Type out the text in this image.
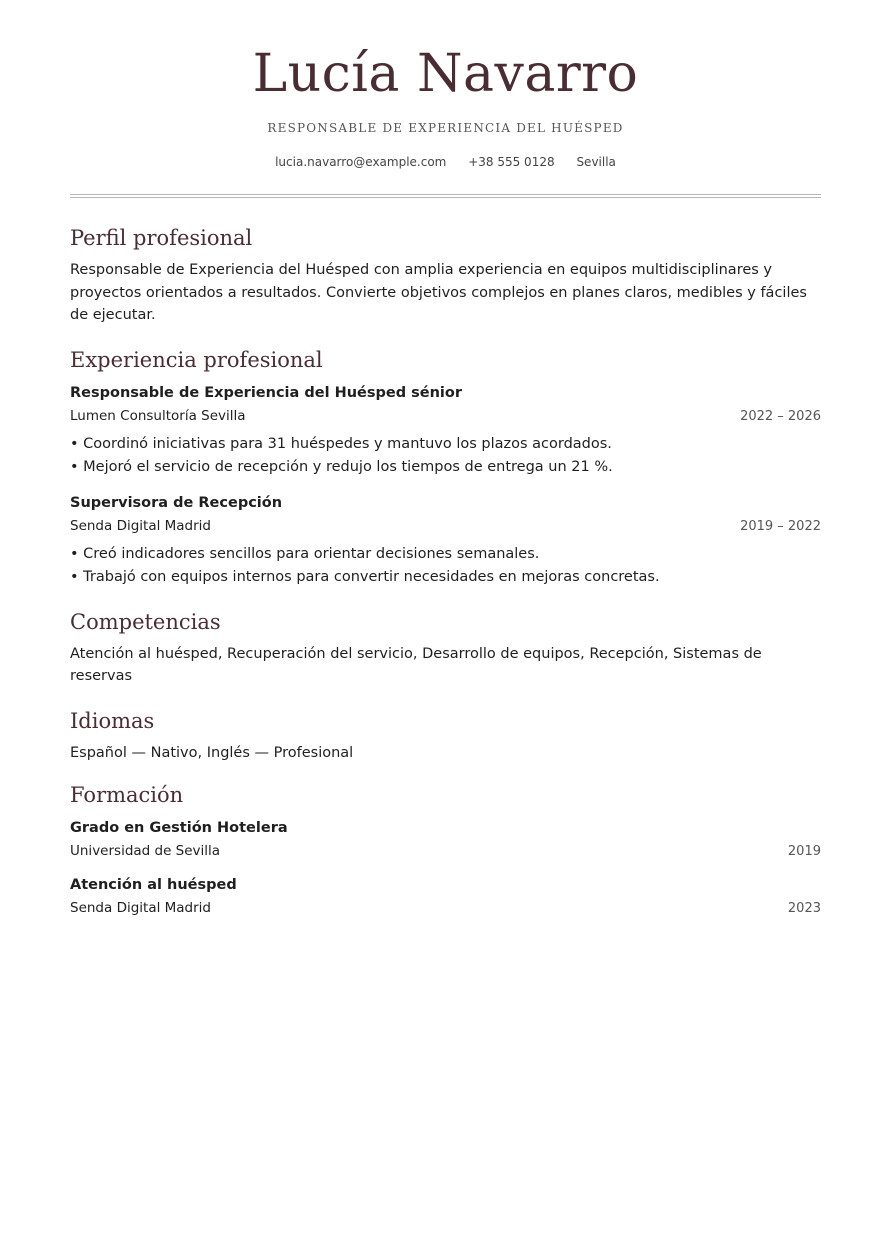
Lucía Navarro
RESPONSABLE DE EXPERIENCIA DEL HUÉSPED
lucia.navarro@example.com +38 555 0128 Sevilla
Perfil profesional
Responsable de Experiencia del Huésped con amplia experiencia en equipos multidisciplinares y proyectos orientados a resultados. Convierte objetivos complejos en planes claros, medibles y fáciles de ejecutar.
Experiencia profesional
Responsable de Experiencia del Huésped sénior
Lumen Consultoría Sevilla	2022 – 2026
• Coordinó iniciativas para 31 huéspedes y mantuvo los plazos acordados.
• Mejoró el servicio de recepción y redujo los tiempos de entrega un 21 %.
Supervisora de Recepción
Senda Digital Madrid	2019 – 2022
• Creó indicadores sencillos para orientar decisiones semanales.
• Trabajó con equipos internos para convertir necesidades en mejoras concretas.
Competencias
Atención al huésped, Recuperación del servicio, Desarrollo de equipos, Recepción, Sistemas de reservas
Idiomas
Español — Nativo, Inglés — Profesional
Formación
Grado en Gestión Hotelera
Universidad de Sevilla	2019
Atención al huésped
Senda Digital Madrid	2023
